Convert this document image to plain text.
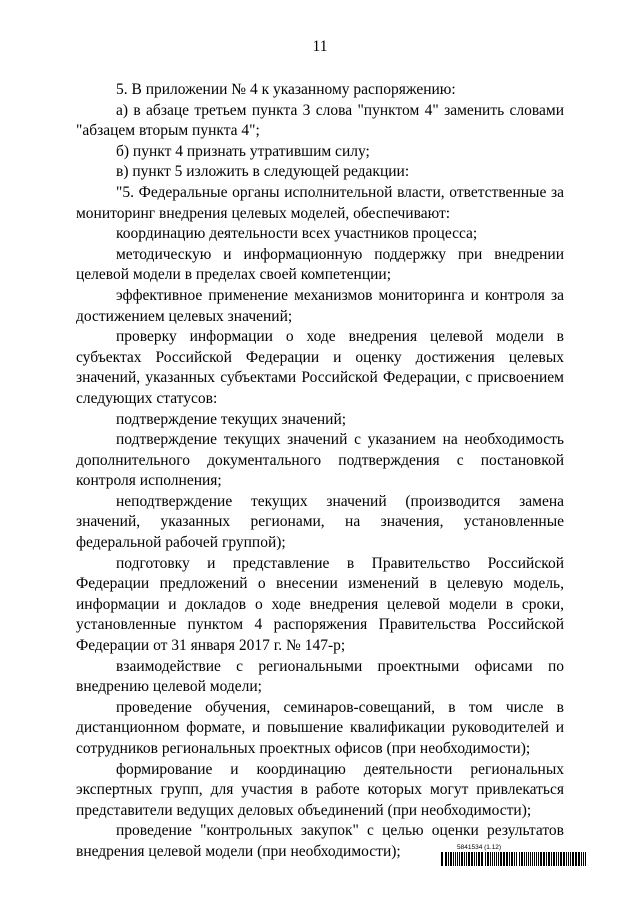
11

5. В приложении № 4 к указанному распоряжению:

а) в абзаце третьем пункта 3 слова "пунктом 4" заменить словами "абзацем вторым пункта 4";

б) пункт 4 признать утратившим силу;

в) пункт 5 изложить в следующей редакции:

"5. Федеральные органы исполнительной власти, ответственные за мониторинг внедрения целевых моделей, обеспечивают:

координацию деятельности всех участников процесса;

методическую и информационную поддержку при внедрении целевой модели в пределах своей компетенции;

эффективное применение механизмов мониторинга и контроля за достижением целевых значений;

проверку информации о ходе внедрения целевой модели в субъектах Российской Федерации и оценку достижения целевых значений, указанных субъектами Российской Федерации, с присвоением следующих статусов:

подтверждение текущих значений;

подтверждение текущих значений с указанием на необходимость дополнительного документального подтверждения с постановкой контроля исполнения;

неподтверждение текущих значений (производится замена значений, указанных регионами, на значения, установленные федеральной рабочей группой);

подготовку и представление в Правительство Российской Федерации предложений о внесении изменений в целевую модель, информации и докладов о ходе внедрения целевой модели в сроки, установленные пунктом 4 распоряжения Правительства Российской Федерации от 31 января 2017 г. № 147-р;

взаимодействие с региональными проектными офисами по внедрению целевой модели;

проведение обучения, семинаров-совещаний, в том числе в дистанционном формате, и повышение квалификации руководителей и сотрудников региональных проектных офисов (при необходимости);

формирование и координацию деятельности региональных экспертных групп, для участия в работе которых могут привлекаться представители ведущих деловых объединений (при необходимости);

проведение "контрольных закупок" с целью оценки результатов внедрения целевой модели (при необходимости);	5841534 (1.12)
